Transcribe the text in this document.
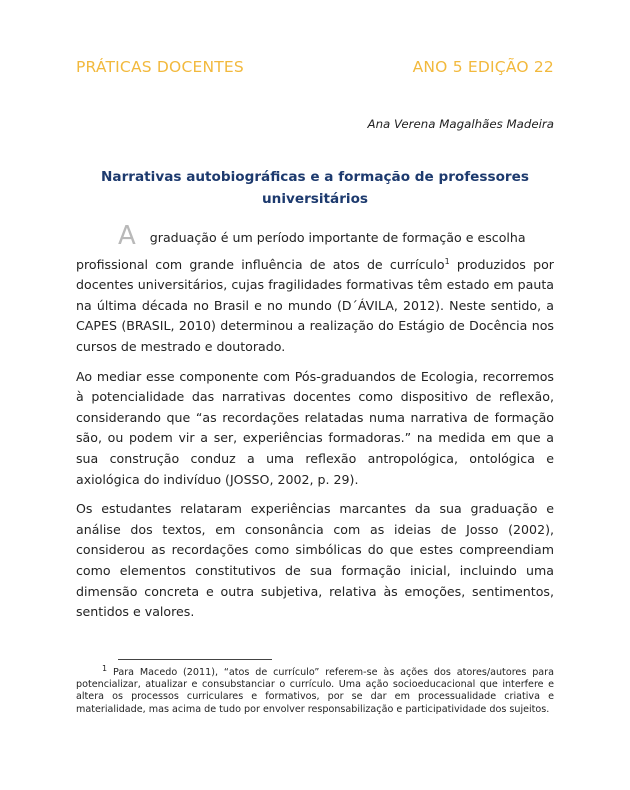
PRÁTICAS DOCENTES	ANO 5 EDIÇÃO 22
Ana Verena Magalhães Madeira
Narrativas autobiográficas e a formação de professores universitários

A	graduação é um período importante de formação e escolha
profissional com grande influência de atos de currículo$^1$ produzidos por docentes universitários, cujas fragilidades formativas têm estado em pauta na última década no Brasil e no mundo (D´ÁVILA, 2012). Neste sentido, a CAPES (BRASIL, 2010) determinou a realização do Estágio de Docência nos cursos de mestrado e doutorado.

Ao mediar esse componente com Pós-graduandos de Ecologia, recorremos à potencialidade das narrativas docentes como dispositivo de reflexão, considerando que “as recordações relatadas numa narrativa de formação são, ou podem vir a ser, experiências formadoras.” na medida em que a sua construção conduz a uma reflexão antropológica, ontológica e axiológica do indivíduo (JOSSO, 2002, p. 29).

Os estudantes relataram experiências marcantes da sua graduação e análise dos textos, em consonância com as ideias de Josso (2002), considerou as recordações como simbólicas do que estes compreendiam como elementos constitutivos de sua formação inicial, incluindo uma dimensão concreta e outra subjetiva, relativa às emoções, sentimentos, sentidos e valores.

$^1$ Para Macedo (2011), “atos de currículo” referem-se às ações dos atores/autores para potencializar, atualizar e consubstanciar o currículo. Uma ação socioeducacional que interfere e altera os processos curriculares e formativos, por se dar em processualidade criativa e materialidade, mas acima de tudo por envolver responsabilização e participatividade dos sujeitos.
